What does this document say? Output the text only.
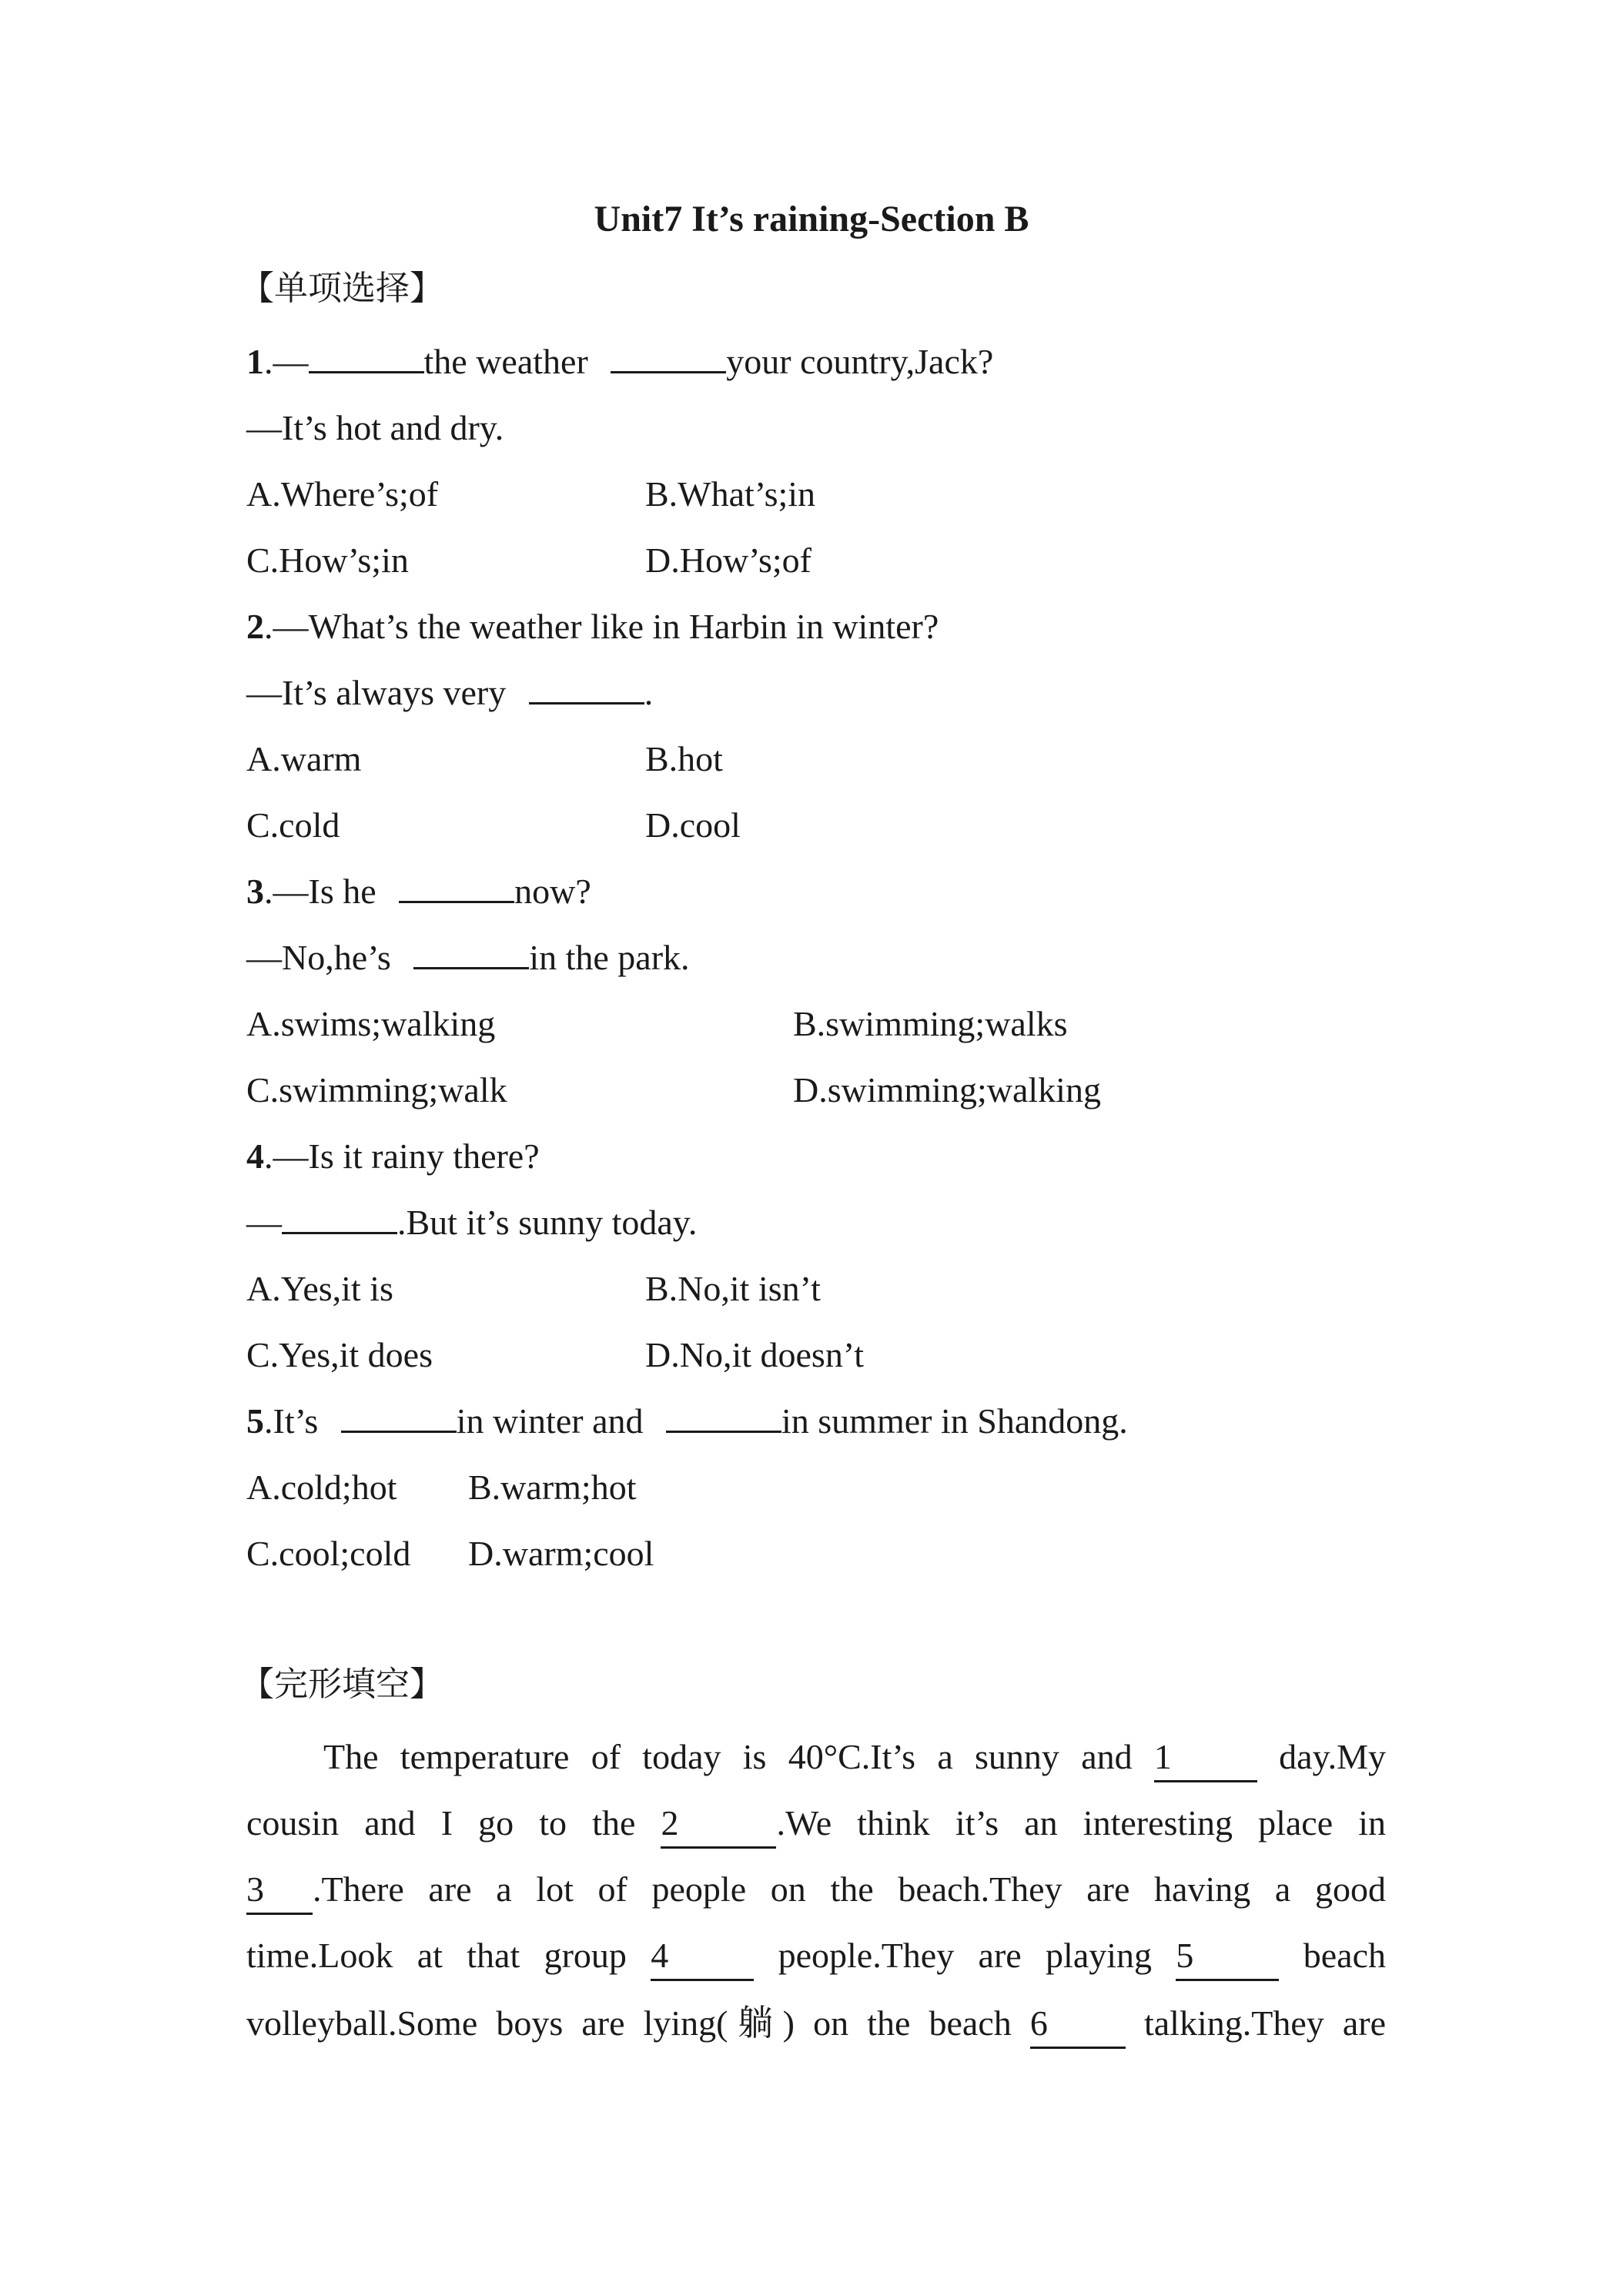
Unit7 It’s raining-Section B
【单项选择】
1.—	the weather	your country,Jack?
—It’s hot and dry.
A.Where’s;of	B.What’s;in
C.How’s;in	D.How’s;of
2.—What’s the weather like in Harbin in winter?
—It’s always very	.
A.warm	B.hot
C.cold	D.cool
3.—Is he	now?
—No,he’s	in the park.
A.swims;walking	B.swimming;walks
C.swimming;walk	D.swimming;walking
4.—Is it rainy there?
—	.But it’s sunny today.
A.Yes,it is	B.No,it isn’t
C.Yes,it does	D.No,it doesn’t
5.It’s	in winter and	in summer in Shandong.
A.cold;hot B.warm;hot
C.cool;cold D.warm;cool
【完形填空】
The temperature of today is 40°C.It’s a sunny and 1 day.My
cousin and I go to the 2	.We think it’s an interesting place in
3 .There are a lot of people on the beach.They are having a good
time.Look at that group 4 people.They are playing 5 beach
volleyball.Some boys are lying(躺) on the beach 6 talking.They are
